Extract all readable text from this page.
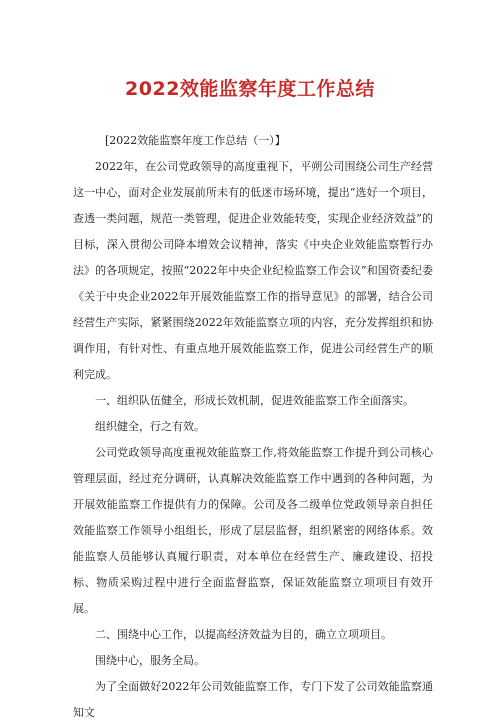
2022效能监察年度工作总结

[2022效能监察年度工作总结（一）】

2022年，在公司党政领导的高度重视下，平朔公司围绕公司生产经营这一中心，面对企业发展前所未有的低迷市场环境，提出“选好一个项目，查透一类问题，规范一类管理，促进企业效能转变，实现企业经济效益”的目标，深入贯彻公司降本增效会议精神，落实《中央企业效能监察暂行办法》的各项规定，按照“2022年中央企业纪检监察工作会议”和国资委纪委《关于中央企业2022年开展效能监察工作的指导意见》的部署，结合公司经营生产实际，紧紧围绕2022年效能监察立项的内容，充分发挥组织和协调作用，有针对性、有重点地开展效能监察工作，促进公司经营生产的顺利完成。

一、组织队伍健全，形成长效机制，促进效能监察工作全面落实。

组织健全，行之有效。

公司党政领导高度重视效能监察工作,将效能监察工作提升到公司核心管理层面，经过充分调研，认真解决效能监察工作中遇到的各种问题，为开展效能监察工作提供有力的保障。公司及各二级单位党政领导亲自担任效能监察工作领导小组组长，形成了层层监督，组织紧密的网络体系。效能监察人员能够认真履行职责，对本单位在经营生产、廉政建设、招投标、物质采购过程中进行全面监督监察，保证效能监察立项项目有效开展。

二、围绕中心工作，以提高经济效益为目的，确立立项项目。

围绕中心，服务全局。

为了全面做好2022年公司效能监察工作，专门下发了公司效能监察通知文
